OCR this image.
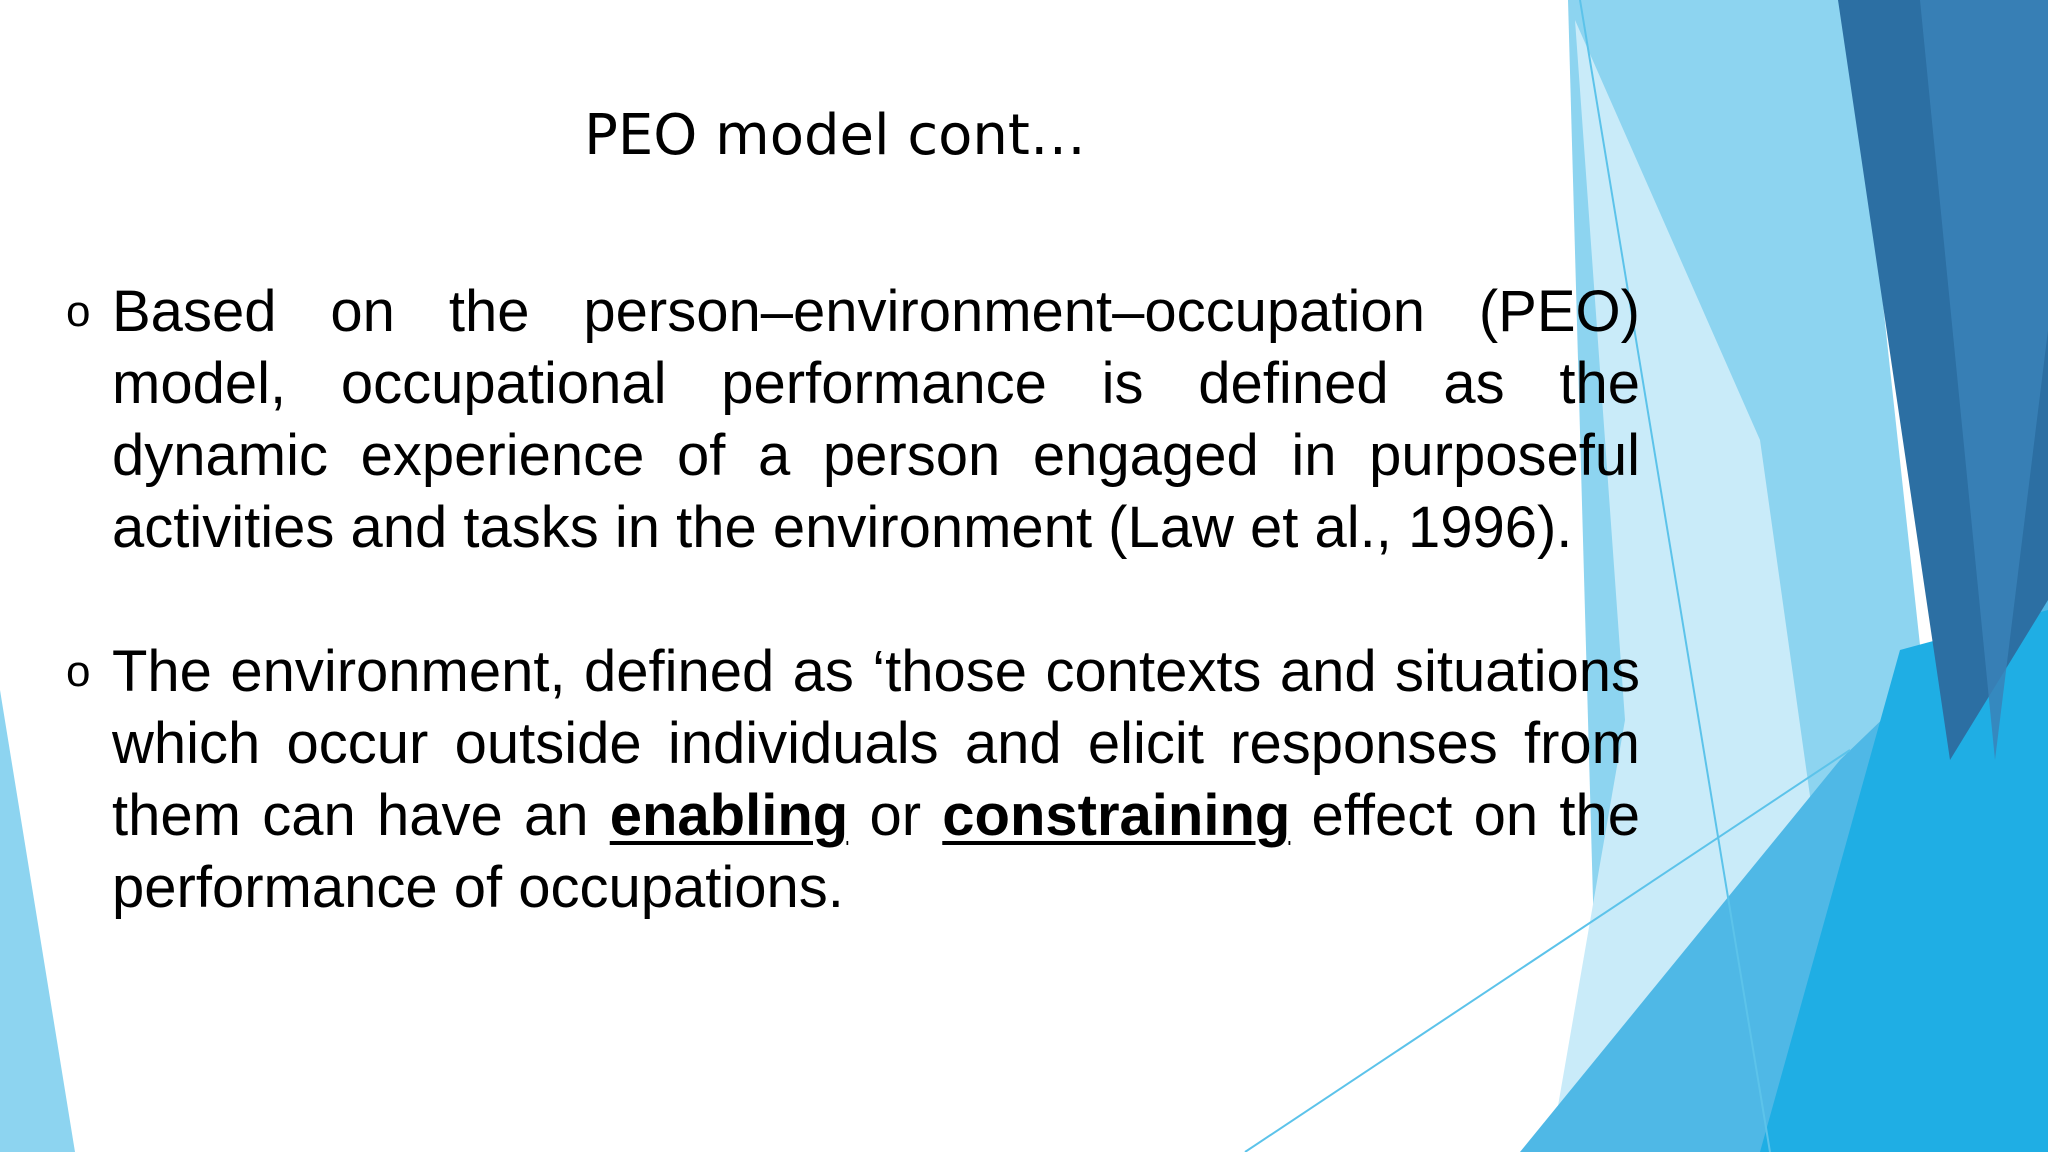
PEO model cont…
o Based on the person–environment–occupation (PEO) model, occupational performance is defined as the dynamic experience of a person engaged in purposeful activities and tasks in the environment (Law et al., 1996).
o The environment, defined as ‘those contexts and situations which occur outside individuals and elicit responses from them can have an enabling or constraining effect on the performance of occupations.
